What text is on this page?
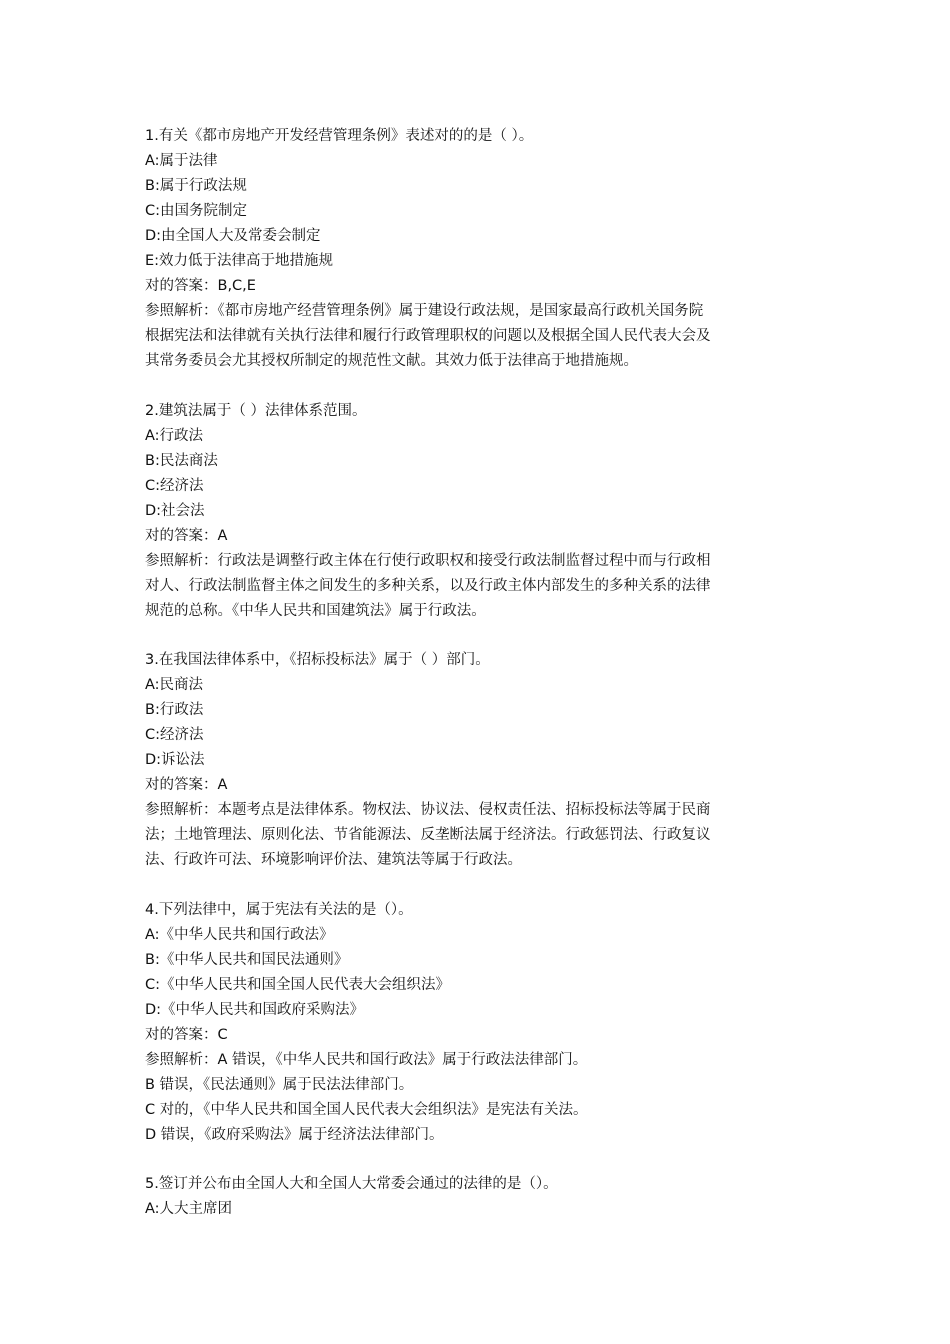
1.有关《都市房地产开发经营管理条例》表述对的的是（ ）。

A:属于法律

B:属于行政法规

C:由国务院制定

D:由全国人大及常委会制定

E:效力低于法律高于地措施规

对的答案：B,C,E

参照解析：《都市房地产经营管理条例》属于建设行政法规，是国家最高行政机关国务院

根据宪法和法律就有关执行法律和履行行政管理职权的问题以及根据全国人民代表大会及

其常务委员会尤其授权所制定的规范性文献。其效力低于法律高于地措施规。

2.建筑法属于（ ）法律体系范围。

A:行政法

B:民法商法

C:经济法

D:社会法

对的答案：A

参照解析：行政法是调整行政主体在行使行政职权和接受行政法制监督过程中而与行政相

对人、行政法制监督主体之间发生的多种关系，以及行政主体内部发生的多种关系的法律

规范的总称。《中华人民共和国建筑法》属于行政法。

3.在我国法律体系中，《招标投标法》属于（ ）部门。

A:民商法

B:行政法

C:经济法

D:诉讼法

对的答案：A

参照解析：本题考点是法律体系。物权法、协议法、侵权责任法、招标投标法等属于民商

法；土地管理法、原则化法、节省能源法、反垄断法属于经济法。行政惩罚法、行政复议

法、行政许可法、环境影响评价法、建筑法等属于行政法。

4.下列法律中，属于宪法有关法的是（）。

A:《中华人民共和国行政法》

B:《中华人民共和国民法通则》

C:《中华人民共和国全国人民代表大会组织法》

D:《中华人民共和国政府采购法》

对的答案：C

参照解析：A 错误，《中华人民共和国行政法》属于行政法法律部门。

B 错误，《民法通则》属于民法法律部门。

C 对的，《中华人民共和国全国人民代表大会组织法》是宪法有关法。

D 错误，《政府采购法》属于经济法法律部门。

5.签订并公布由全国人大和全国人大常委会通过的法律的是（）。

A:人大主席团
